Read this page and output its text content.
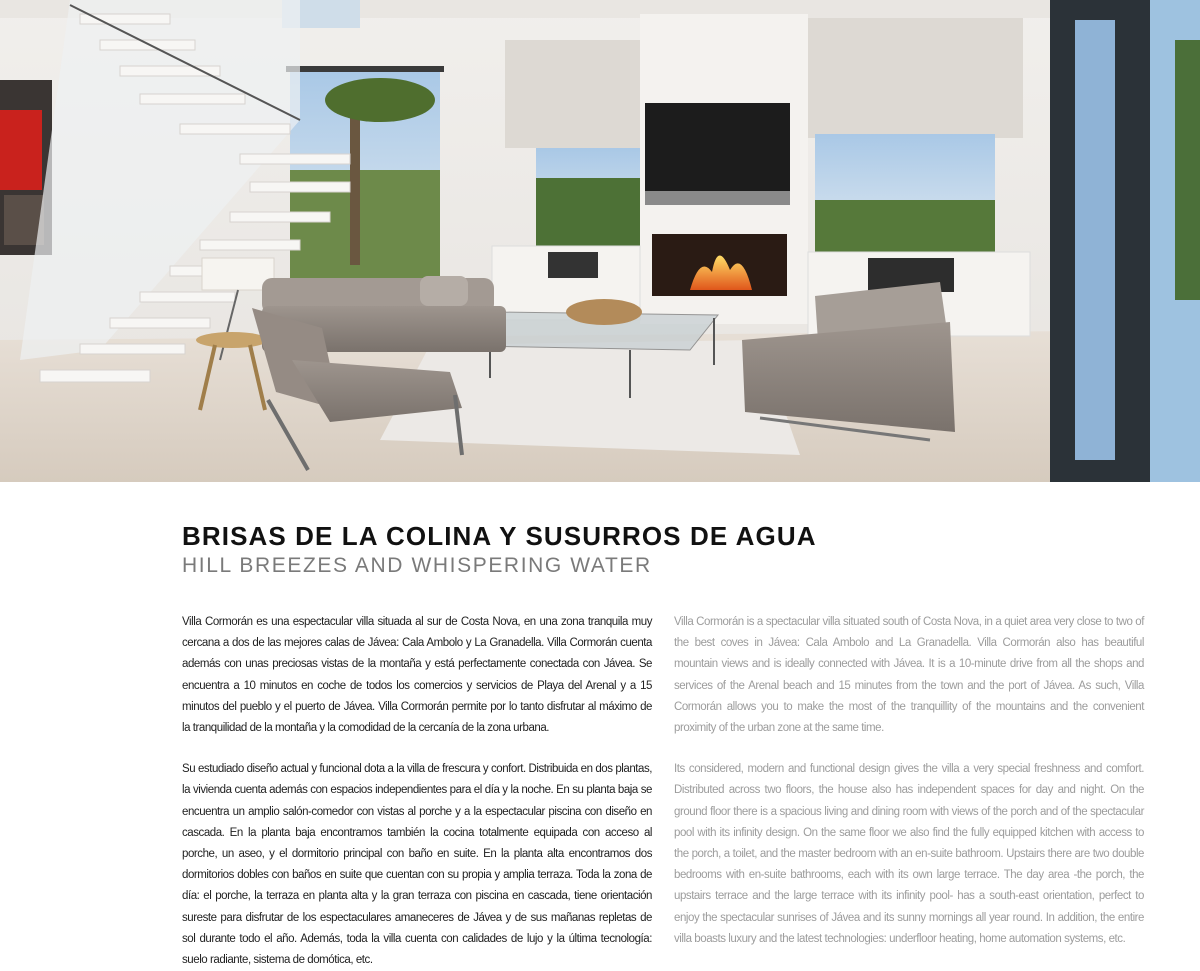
BRISAS DE LA COLINA Y SUSURROS DE AGUA
HILL BREEZES AND WHISPERING WATER

Villa Cormorán es una espectacular villa situada al sur de Costa Nova, en una zona tranquila muy cercana a dos de las mejores calas de Jávea: Cala Ambolo y La Granadella. Villa Cormorán cuenta además con unas preciosas vistas de la montaña y está perfectamente conectada con Jávea. Se encuentra a 10 minutos en coche de todos los comercios y servicios de Playa del Arenal y a 15 minutos del pueblo y el puerto de Jávea. Villa Cormorán permite por lo tanto disfrutar al máximo de la tranquilidad de la montaña y la comodidad de la cercanía de la zona urbana.

Su estudiado diseño actual y funcional dota a la villa de frescura y confort. Distribuida en dos plantas, la vivienda cuenta además con espacios independientes para el día y la noche. En su planta baja se encuentra un amplio salón-comedor con vistas al porche y a la espectacular piscina con diseño en cascada. En la planta baja encontramos también la cocina totalmente equipada con acceso al porche, un aseo, y el dormitorio principal con baño en suite. En la planta alta encontramos dos dormitorios dobles con baños en suite que cuentan con su propia y amplia terraza. Toda la zona de día: el porche, la terraza en planta alta y la gran terraza con piscina en cascada, tiene orientación sureste para disfrutar de los espectaculares amaneceres de Jávea y de sus mañanas repletas de sol durante todo el año. Además, toda la villa cuenta con calidades de lujo y la última tecnología: suelo radiante, sistema de domótica, etc.

Villa Cormorán is a spectacular villa situated south of Costa Nova, in a quiet area very close to two of the best coves in Jávea: Cala Ambolo and La Granadella. Villa Cormorán also has beautiful mountain views and is ideally connected with Jávea. It is a 10-minute drive from all the shops and services of the Arenal beach and 15 minutes from the town and the port of Jávea. As such, Villa Cormorán allows you to make the most of the tranquillity of the mountains and the convenient proximity of the urban zone at the same time.

Its considered, modern and functional design gives the villa a very special freshness and comfort. Distributed across two floors, the house also has independent spaces for day and night. On the ground floor there is a spacious living and dining room with views of the porch and of the spectacular pool with its infinity design. On the same floor we also find the fully equipped kitchen with access to the porch, a toilet, and the master bedroom with an en-suite bathroom. Upstairs there are two double bedrooms with en-suite bathrooms, each with its own large terrace. The day area -the porch, the upstairs terrace and the large terrace with its infinity pool- has a south-east orientation, perfect to enjoy the spectacular sunrises of Jávea and its sunny mornings all year round. In addition, the entire villa boasts luxury and the latest technologies: underfloor heating, home automation systems, etc.
